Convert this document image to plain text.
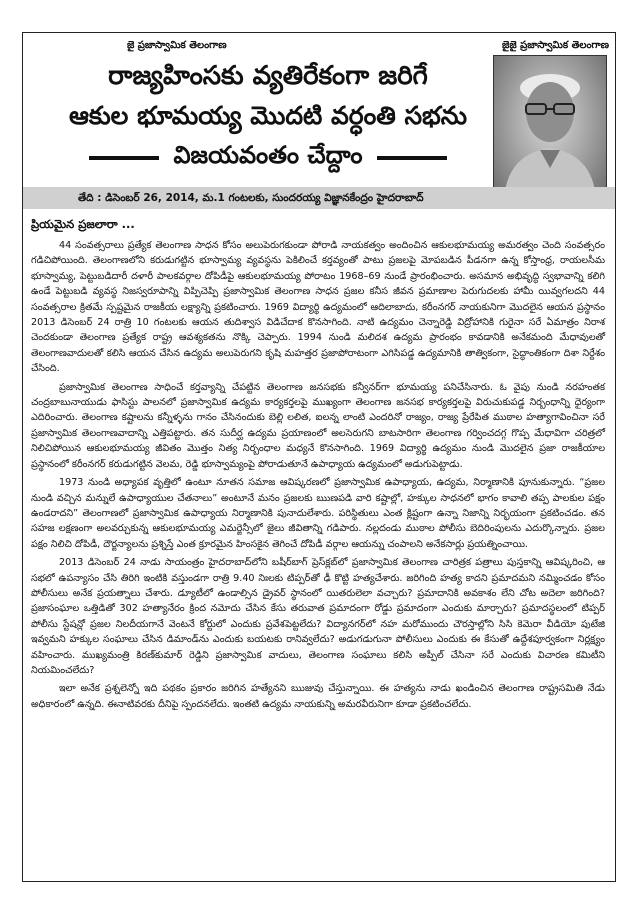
జై ప్రజాస్వామిక తెలంగాణ	జైజై ప్రజాస్వామిక తెలంగాణ
రాజ్యహింసకు వ్యతిరేకంగా జరిగే
ఆకుల భూమయ్య మొదటి వర్ధంతి సభను
విజయవంతం చేద్దాం
తేది : డిసెంబర్ 26, 2014, మ.1 గంటలకు, సుందరయ్య విజ్ఞానకేంద్రం హైదరాబాద్
ప్రియమైన ప్రజలారా ...

44 సంవత్సరాలు ప్రత్యేక తెలంగాణ సాధన కోసం అలుపెరుగకుండా పోరాడి నాయకత్వం అందించిన ఆకులభూమయ్య అమరత్వం చెంది సంవత్సరం గడిచిపోయింది. తెలంగాణలోని కరుడుగట్టిన భూస్వామ్య వ్యవస్థను పెకిలించే కర్తవ్యంతో పాటు ప్రజలపై మోపబడిన పీడనగా ఉన్న కోస్తాంధ్ర, రాయలసీమ భూస్వామ్య, పెట్టుబడిదారీ దళారీ పాలకవర్గాల దోపిడీపై ఆకులభూమయ్య పోరాటం 1968–69 నుండే ప్రారంభించారు. అసమాన అభివృద్ధి స్వభావాన్ని కలిగి ఉండే పెట్టుబడి వ్యవస్థ నిజస్వరూపాన్ని విప్పిచెప్పి ప్రజాస్వామిక తెలంగాణ సాధన ప్రజల కనీస జీవన ప్రమాణాల పెరుగుదలకు హామీ యివ్వగలదని 44 సంవత్సరాల క్రితమే స్పష్టమైన రాజకీయ లక్ష్యాన్ని ప్రకటించారు. 1969 విద్యార్థి ఉద్యమంలో ఆదిలాబాదు, కరీంనగర్ నాయకునిగా మొదలైన ఆయన ప్రస్థానం 2013 డిసెంబర్ 24 రాత్రి 10 గంటలకు ఆయన తుదిశ్వాస విడిచేదాక కొనసాగింది. నాటి ఉద్యమం చెన్నారెడ్డి విద్రోహానికి గురైనా సరే ఏమాత్రం నిరాశ చెందకుండా తెలంగాణ ప్రత్యేక రాష్ట్ర ఆవశ్యకతను నొక్కి చెప్పారు. 1994 నుండి మలిదశ ఉద్యమ ప్రారంభం కావడానికి అనేకమంది మేధావులతో తెలంగాణవాదులతో కలిసి ఆయన చేసిన ఉద్యమ అలుపెరుగని కృషి మహత్తర ప్రజాపోరాటంగా ఎగిసిపడ్డ ఉద్యమానికి తాత్వికంగా, సైద్ధాంతికంగా దిశా నిర్దేశం చేసింది.

ప్రజాస్వామిక తెలంగాణ సాధించే కర్తవ్యాన్ని చేపట్టిన తెలంగాణ జనసభకు కన్వీనర్‌గా భూమయ్య పనిచేసినారు. ఓ వైపు నుండి నరహంతక చంద్రబాబునాయుడు ఫాసిస్టు పాలనలో ప్రజాస్వామిక ఉద్యమ కార్యకర్తలపై ముఖ్యంగా తెలంగాణ జనసభ కార్యకర్తలపై విరుచుకుపడ్డ నిర్బంధాన్ని ధైర్యంగా ఎదిరించారు. తెలంగాణ కష్టాలను కన్నీళ్ళను గానం చేసినందుకు బెల్లి లలిత, ఐలన్న లాంటి ఎందరినో రాజ్యం, రాజ్య ప్రేరేపిత ముఠాల హత్యాగావించినా సరే ప్రజాస్వామిక తెలంగాణవాదాన్ని ఎత్తిపట్టారు. తన సుదీర్ఘ ఉద్యమ ప్రయాణంలో అలసెరుగని బాటసారిగా తెలంగాణ గర్వించదగ్గ గొప్ప మేధావిగా చరిత్రలో నిలిచిపోయిన ఆకులభూమయ్య జీవితం మొత్తం నిత్య నిర్బంధాల మధ్యనే కొనసాగింది. 1969 విద్యార్థి ఉద్యమం నుండి మొదలైన ప్రజా రాజకీయాల ప్రస్థానంలో కరీంనగర్ కరుడుగట్టిన వెలమ, రెడ్డి భూస్వామ్యంపై పోరాడుతూనే ఉపాధ్యాయ ఉద్యమంలో అడుగుపెట్టాడు.

1973 నుండి అధ్యాపక వృత్తిలో ఉంటూ నూతన సమాజ ఆవిష్కరణలో ప్రజాస్వామిక ఉపాధ్యాయ, ఉద్యమ, నిర్మాణానికి పూనుకున్నారు. “ప్రజల నుండి వచ్చిన మన్నులే ఉపాధ్యాయుల చేతనాలు” అంటూనే మనం ప్రజలకు ఋణపడి వారి కష్టాల్లో, హక్కుల సాధనలో భాగం కావాలి తప్ప పాలకుల పక్షం ఉండరాదని” తెలంగాణలో ప్రజాస్వామిక ఉపాధ్యాయ నిర్మాణానికి పునాదులేశారు. పరిస్థితులు ఎంత క్లిష్టంగా ఉన్నా నిజాన్ని నిర్భయంగా ప్రకటించడం. తన సహజ లక్షణంగా అలవర్చుకున్న ఆకులభూమయ్య ఎమర్జెన్సీలో జైలు జీవితాన్ని గడిపారు. నల్లదండు ముఠాల పోలీసు బెదిరింపులను ఎదుర్కొన్నారు. ప్రజల పక్షం నిలిచి దోపిడీ, దౌర్జన్యాలను ప్రశ్నిస్తే ఎంత క్రూరమైన హింసకైన తెగించే దోపిడీ వర్గాల ఆయన్ను చంపాలని అనేకసార్లు ప్రయత్నించాయి.

2013 డిసెంబర్ 24 నాడు సాయంత్రం హైదరాబాద్‌లోని బషీర్‌బాగ్ ప్రెస్‌క్లబ్‌లో ప్రజాస్వామిక తెలంగాణ చారిత్రక పత్రాలు పుస్తకాన్ని ఆవిష్కరించి, ఆ సభలో ఉపన్యాసం చేసి తిరిగి ఇంటికి వస్తుండగా రాత్రి 9.40 నిఃలకు టిప్పర్‌తో ఢీ కొట్టి హత్యచేశారు. జరిగింది హత్య కాదని ప్రమాదమని నమ్మించడం కోసం పోలీసులు అనేక ప్రయత్నాలు చేశారు. డ్యూటీలో ఉండాల్సిన డ్రైవర్ స్థానంలో యితరులెలా వచ్చారు? ప్రమాదానికి అవకాశం లేని చోట అదెలా జరిగింది? ప్రజాసంఘాల ఒత్తిడితో 302 హత్యానేరం క్రింద నమోదు చేసిన కేసు తరువాత ప్రమాదంగా రోడ్డు ప్రమాదంగా ఎందుకు మార్చారు? ప్రమాదస్థలంలో టిప్పర్ పోలీసు స్టేషన్లో ప్రజల నిలదీయగానే వెంటనే కోర్టులో ఎందుకు ప్రవేశపెట్టలేదు? విద్యానగర్‌లో నహ మరోముందు చౌరస్తాల్లోని సిసి కెమెరా వీడియో పుటేజి ఇవ్వమని హక్కుల సంఘాలు చేసిన డిమాండ్‌ను ఎందుకు బయటకు రానివ్వలేదు? అడుగడుగునా పోలీసులు ఎందుకు ఈ కేసుతో ఉద్దేశపూర్వకంగా నిర్లక్ష్యం వహించారు. ముఖ్యమంత్రి కిరణ్‌కుమార్ రెడ్డిని ప్రజాస్వామిక వాదులు, తెలంగాణ సంఘాలు కలిసి అప్పీల్ చేసినా సరే ఎందుకు విచారణ కమిటీని నియమించలేదు?

ఇలా అనేక ప్రశ్నలెన్నో ఇది పథకం ప్రకారం జరిగిన హత్యేనని ఋజువు చేస్తున్నాయి. ఈ హత్యను నాడు ఖండించిన తెలంగాణ రాష్ట్రసమితి నేడు అధికారంలో ఉన్నది. ఈనాటివరకు దీనిపై స్పందనలేదు. ఇంతటి ఉద్యమ నాయకున్ని అమరవీరునిగా కూడా ప్రకటించలేదు.
